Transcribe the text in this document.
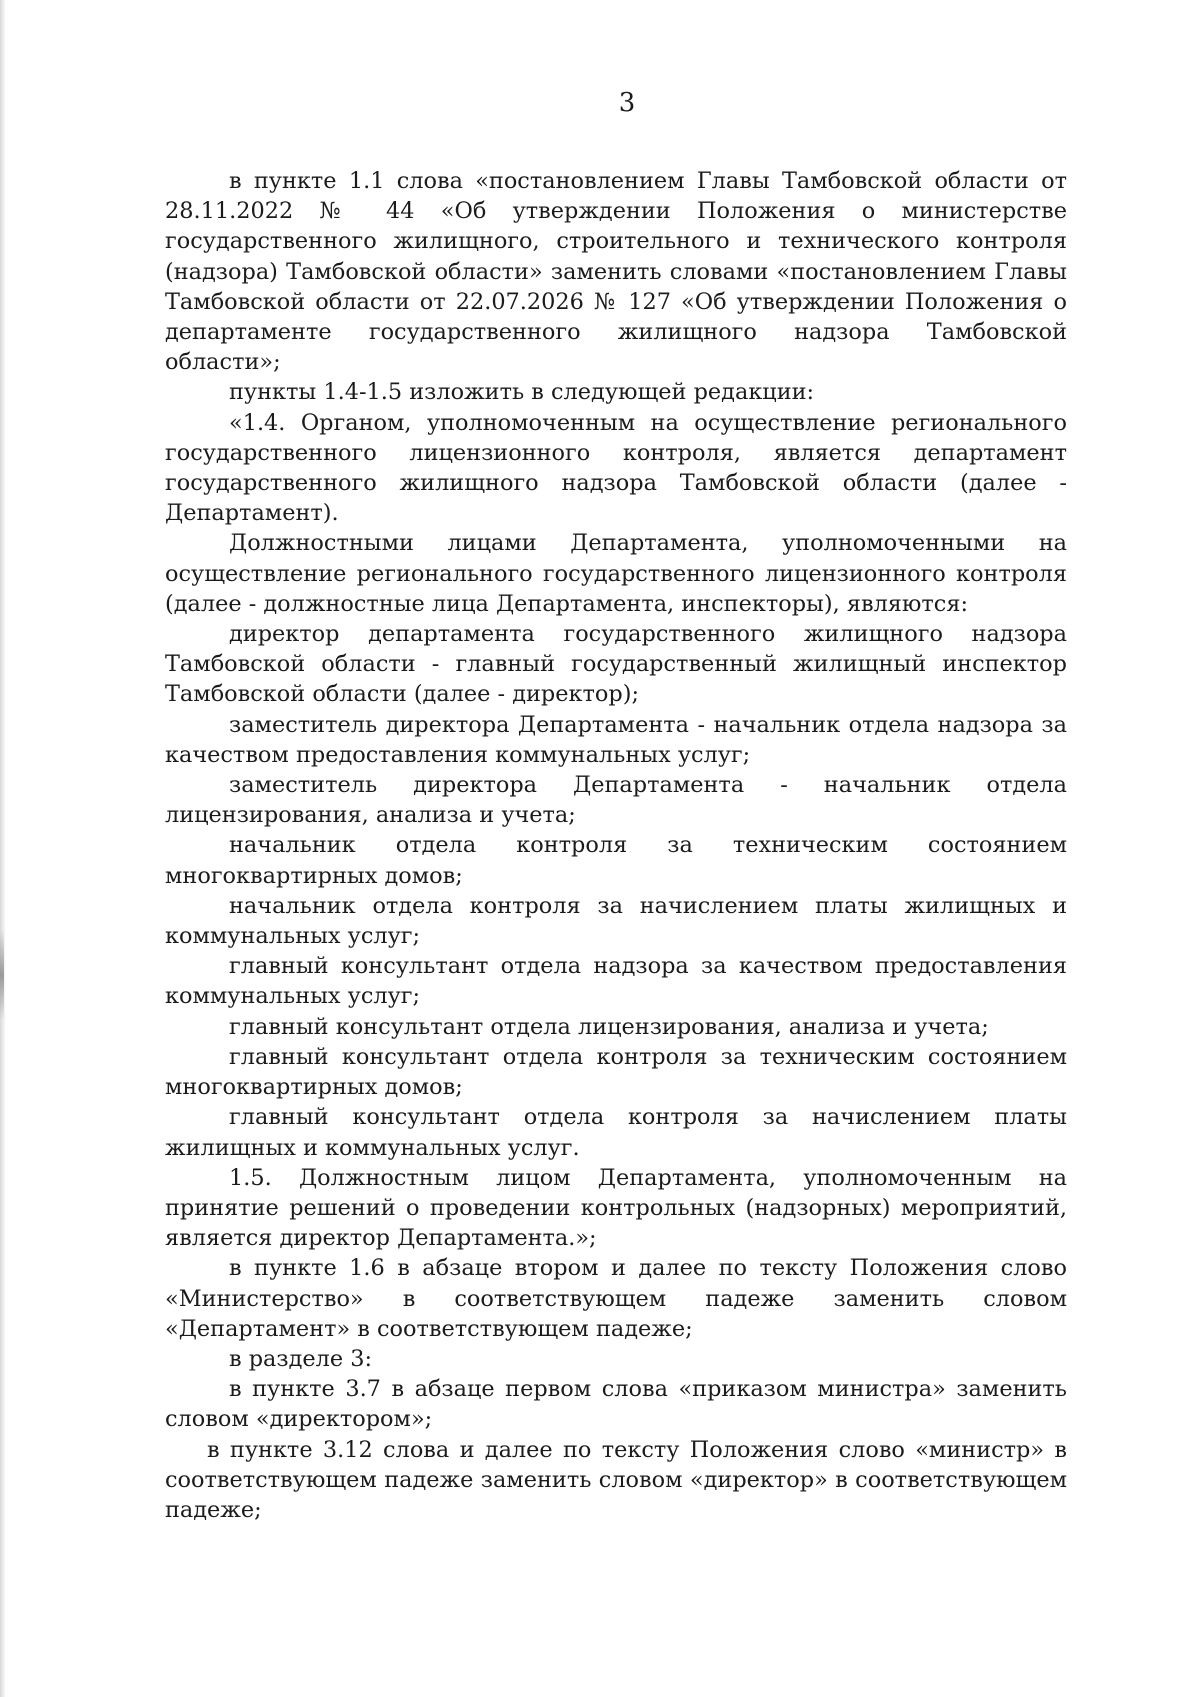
3

в пункте 1.1 слова «постановлением Главы Тамбовской области от 28.11.2022 № 44 «Об утверждении Положения о министерстве государственного жилищного, строительного и технического контроля (надзора) Тамбовской области» заменить словами «постановлением Главы Тамбовской области от 22.07.2026 № 127 «Об утверждении Положения о департаменте государственного жилищного надзора Тамбовской области»;

пункты 1.4-1.5 изложить в следующей редакции:

«1.4. Органом, уполномоченным на осуществление регионального государственного лицензионного контроля, является департамент государственного жилищного надзора Тамбовской области (далее - Департамент).

Должностными лицами Департамента, уполномоченными на осуществление регионального государственного лицензионного контроля (далее - должностные лица Департамента, инспекторы), являются:

директор департамента государственного жилищного надзора Тамбовской области - главный государственный жилищный инспектор Тамбовской области (далее - директор);

заместитель директора Департамента - начальник отдела надзора за качеством предоставления коммунальных услуг;

заместитель директора Департамента - начальник отдела лицензирования, анализа и учета;

начальник отдела контроля за техническим состоянием многоквартирных домов;

начальник отдела контроля за начислением платы жилищных и коммунальных услуг;

главный консультант отдела надзора за качеством предоставления коммунальных услуг;

главный консультант отдела лицензирования, анализа и учета;

главный консультант отдела контроля за техническим состоянием многоквартирных домов;

главный консультант отдела контроля за начислением платы жилищных и коммунальных услуг.

1.5. Должностным лицом Департамента, уполномоченным на принятие решений о проведении контрольных (надзорных) мероприятий, является директор Департамента.»;

в пункте 1.6 в абзаце втором и далее по тексту Положения слово «Министерство» в соответствующем падеже заменить словом «Департамент» в соответствующем падеже;

в разделе 3:

в пункте 3.7 в абзаце первом слова «приказом министра» заменить словом «директором»;

в пункте 3.12 слова и далее по тексту Положения слово «министр» в соответствующем падеже заменить словом «директор» в соответствующем падеже;
